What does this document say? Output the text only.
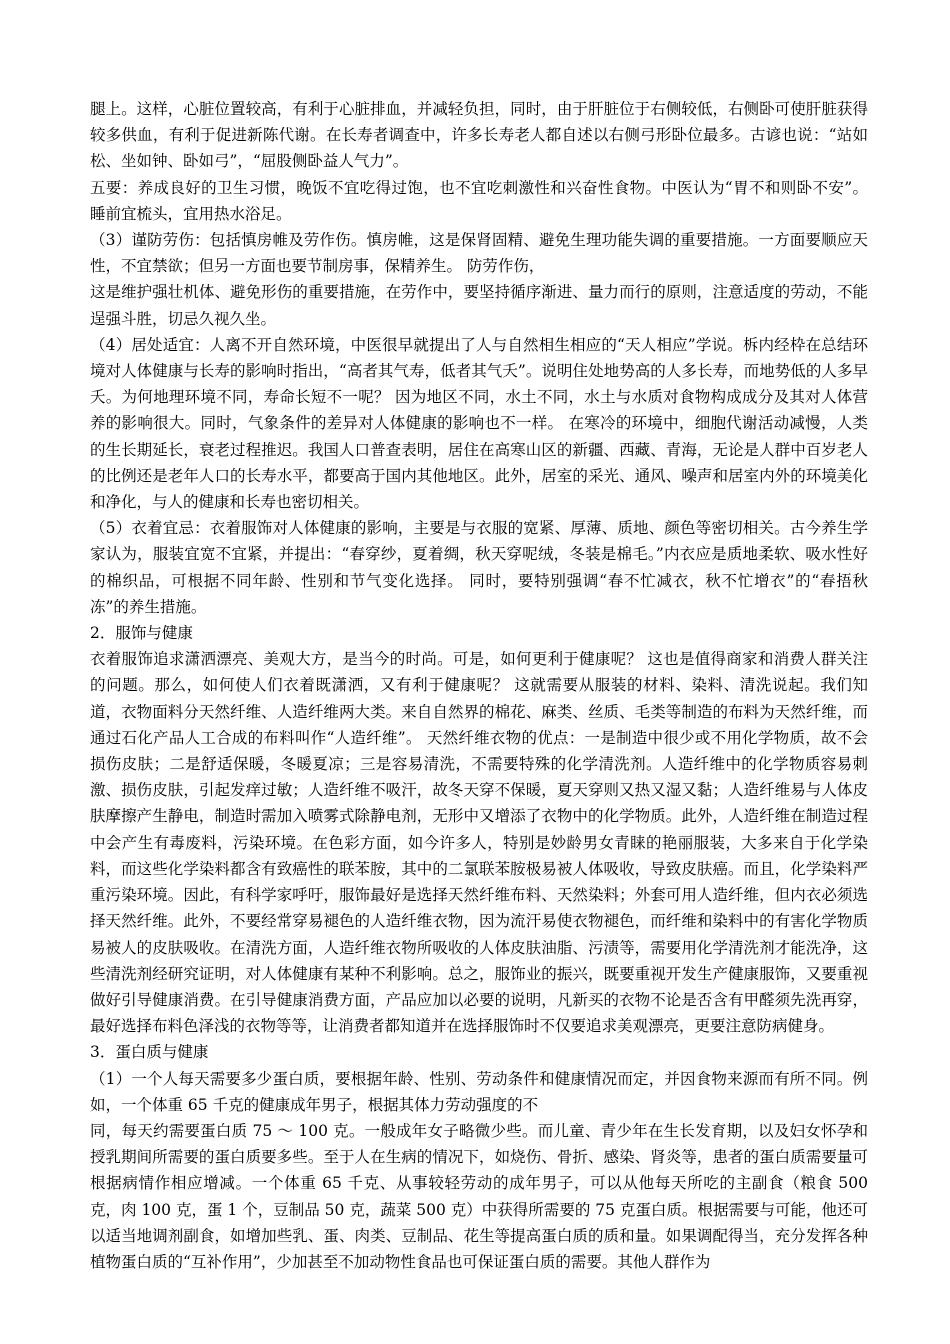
腿上。这样，心脏位置较高，有利于心脏排血，并减轻负担，同时，由于肝脏位于右侧较低，右侧卧可使肝脏获得较多供血，有利于促进新陈代谢。在长寿者调查中，许多长寿老人都自述以右侧弓形卧位最多。古谚也说：“站如松、坐如钟、卧如弓”，“屈股侧卧益人气力”。

五要：养成良好的卫生习惯，晚饭不宜吃得过饱，也不宜吃刺激性和兴奋性食物。中医认为“胃不和则卧不安”。 睡前宜梳头，宜用热水浴足。

（3）谨防劳伤：包括慎房帷及劳作伤。慎房帷，这是保肾固精、避免生理功能失调的重要措施。一方面要顺应天性，不宜禁欲；但另一方面也要节制房事，保精养生。 防劳作伤，

这是维护强壮机体、避免形伤的重要措施，在劳作中，要坚持循序渐进、量力而行的原则，注意适度的劳动，不能逞强斗胜，切忌久视久坐。

（4）居处适宜：人离不开自然环境，中医很早就提出了人与自然相生相应的“天人相应”学说。柝内经枠在总结环境对人体健康与长寿的影响时指出，“高者其气寿，低者其气夭”。说明住处地势高的人多长寿，而地势低的人多早夭。为何地理环境不同，寿命长短不一呢？ 因为地区不同，水土不同，水土与水质对食物构成成分及其对人体营养的影响很大。同时，气象条件的差异对人体健康的影响也不一样。 在寒冷的环境中，细胞代谢活动减慢，人类的生长期延长，衰老过程推迟。我国人口普查表明，居住在高寒山区的新疆、西藏、青海，无论是人群中百岁老人的比例还是老年人口的长寿水平，都要高于国内其他地区。此外，居室的采光、通风、噪声和居室内外的环境美化和净化，与人的健康和长寿也密切相关。

（5）衣着宜忌：衣着服饰对人体健康的影响，主要是与衣服的宽紧、厚薄、质地、颜色等密切相关。古今养生学家认为，服装宜宽不宜紧，并提出：“春穿纱，夏着绸，秋天穿呢绒，冬装是棉毛。”内衣应是质地柔软、吸水性好的棉织品，可根据不同年龄、性别和节气变化选择。 同时，要特别强调“春不忙减衣，秋不忙增衣”的“春捂秋冻”的养生措施。

2．服饰与健康

衣着服饰追求潇洒漂亮、美观大方，是当今的时尚。可是，如何更利于健康呢？ 这也是值得商家和消费人群关注的问题。那么，如何使人们衣着既潇洒，又有利于健康呢？ 这就需要从服装的材料、染料、清洗说起。我们知道，衣物面料分天然纤维、人造纤维两大类。来自自然界的棉花、麻类、丝质、毛类等制造的布料为天然纤维，而通过石化产品人工合成的布料叫作“人造纤维”。 天然纤维衣物的优点：一是制造中很少或不用化学物质，故不会损伤皮肤；二是舒适保暖，冬暖夏凉；三是容易清洗，不需要特殊的化学清洗剂。人造纤维中的化学物质容易刺激、损伤皮肤，引起发痒过敏；人造纤维不吸汗，故冬天穿不保暖，夏天穿则又热又湿又黏；人造纤维易与人体皮肤摩擦产生静电，制造时需加入喷雾式除静电剂，无形中又增添了衣物中的化学物质。此外，人造纤维在制造过程中会产生有毒废料，污染环境。在色彩方面，如今许多人，特别是妙龄男女青睐的艳丽服装，大多来自于化学染料，而这些化学染料都含有致癌性的联苯胺，其中的二氯联苯胺极易被人体吸收，导致皮肤癌。而且，化学染料严重污染环境。因此，有科学家呼吁，服饰最好是选择天然纤维布料、天然染料；外套可用人造纤维，但内衣必须选择天然纤维。此外，不要经常穿易褪色的人造纤维衣物，因为流汗易使衣物褪色，而纤维和染料中的有害化学物质易被人的皮肤吸收。在清洗方面，人造纤维衣物所吸收的人体皮肤油脂、污渍等，需要用化学清洗剂才能洗净，这些清洗剂经研究证明，对人体健康有某种不利影响。总之，服饰业的振兴，既要重视开发生产健康服饰，又要重视做好引导健康消费。在引导健康消费方面，产品应加以必要的说明，凡新买的衣物不论是否含有甲醛须先洗再穿，最好选择布料色泽浅的衣物等等，让消费者都知道并在选择服饰时不仅要追求美观漂亮，更要注意防病健身。

3．蛋白质与健康

（1）一个人每天需要多少蛋白质，要根据年龄、性别、劳动条件和健康情况而定，并因食物来源而有所不同。例如，一个体重 65 千克的健康成年男子，根据其体力劳动强度的不

同，每天约需要蛋白质 75 ～ 100 克。一般成年女子略微少些。而儿童、青少年在生长发育期，以及妇女怀孕和授乳期间所需要的蛋白质要多些。至于人在生病的情况下，如烧伤、骨折、感染、肾炎等，患者的蛋白质需要量可根据病情作相应增减。一个体重 65 千克、从事较轻劳动的成年男子，可以从他每天所吃的主副食（粮食 500 克，肉 100 克，蛋 1 个，豆制品 50 克，蔬菜 500 克）中获得所需要的 75 克蛋白质。根据需要与可能，他还可以适当地调剂副食，如增加些乳、蛋、肉类、豆制品、花生等提高蛋白质的质和量。如果调配得当，充分发挥各种植物蛋白质的“互补作用”，少加甚至不加动物性食品也可保证蛋白质的需要。其他人群作为
